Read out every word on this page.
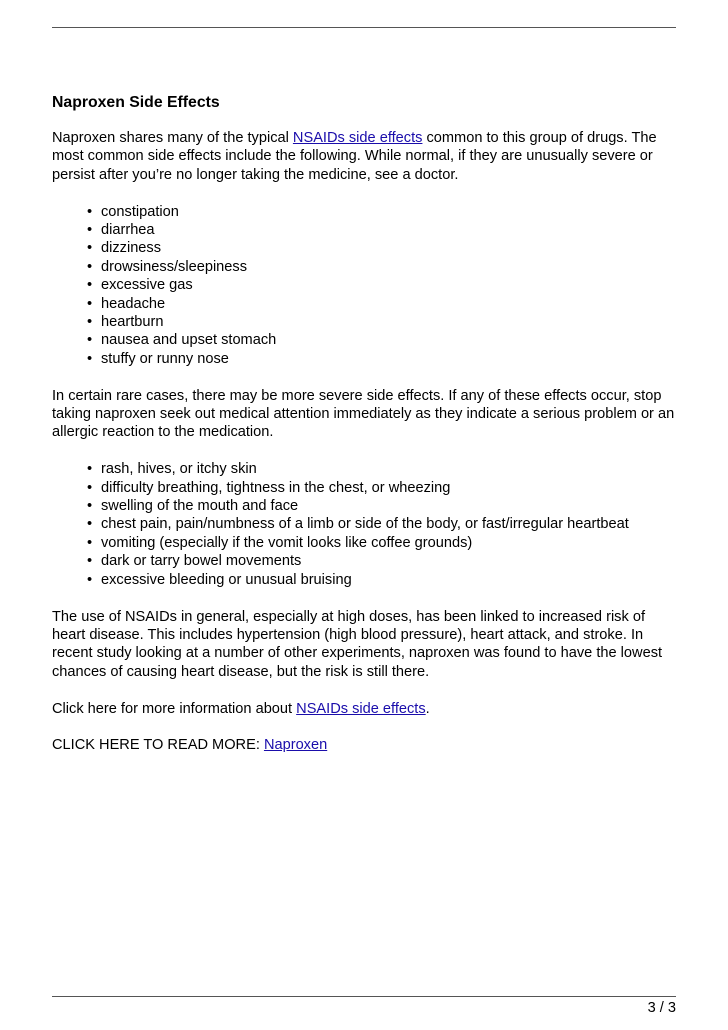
Naproxen Side Effects

Naproxen shares many of the typical NSAIDs side effects common to this group of drugs. The most common side effects include the following. While normal, if they are unusually severe or persist after you’re no longer taking the medicine, see a doctor.

• constipation
• diarrhea
• dizziness
• drowsiness/sleepiness
• excessive gas
• headache
• heartburn
• nausea and upset stomach
• stuffy or runny nose

In certain rare cases, there may be more severe side effects. If any of these effects occur, stop taking naproxen seek out medical attention immediately as they indicate a serious problem or an allergic reaction to the medication.

• rash, hives, or itchy skin
• difficulty breathing, tightness in the chest, or wheezing
• swelling of the mouth and face
• chest pain, pain/numbness of a limb or side of the body, or fast/irregular heartbeat
• vomiting (especially if the vomit looks like coffee grounds)
• dark or tarry bowel movements
• excessive bleeding or unusual bruising

The use of NSAIDs in general, especially at high doses, has been linked to increased risk of heart disease. This includes hypertension (high blood pressure), heart attack, and stroke. In recent study looking at a number of other experiments, naproxen was found to have the lowest chances of causing heart disease, but the risk is still there.

Click here for more information about NSAIDs side effects.

CLICK HERE TO READ MORE: Naproxen

3 / 3
